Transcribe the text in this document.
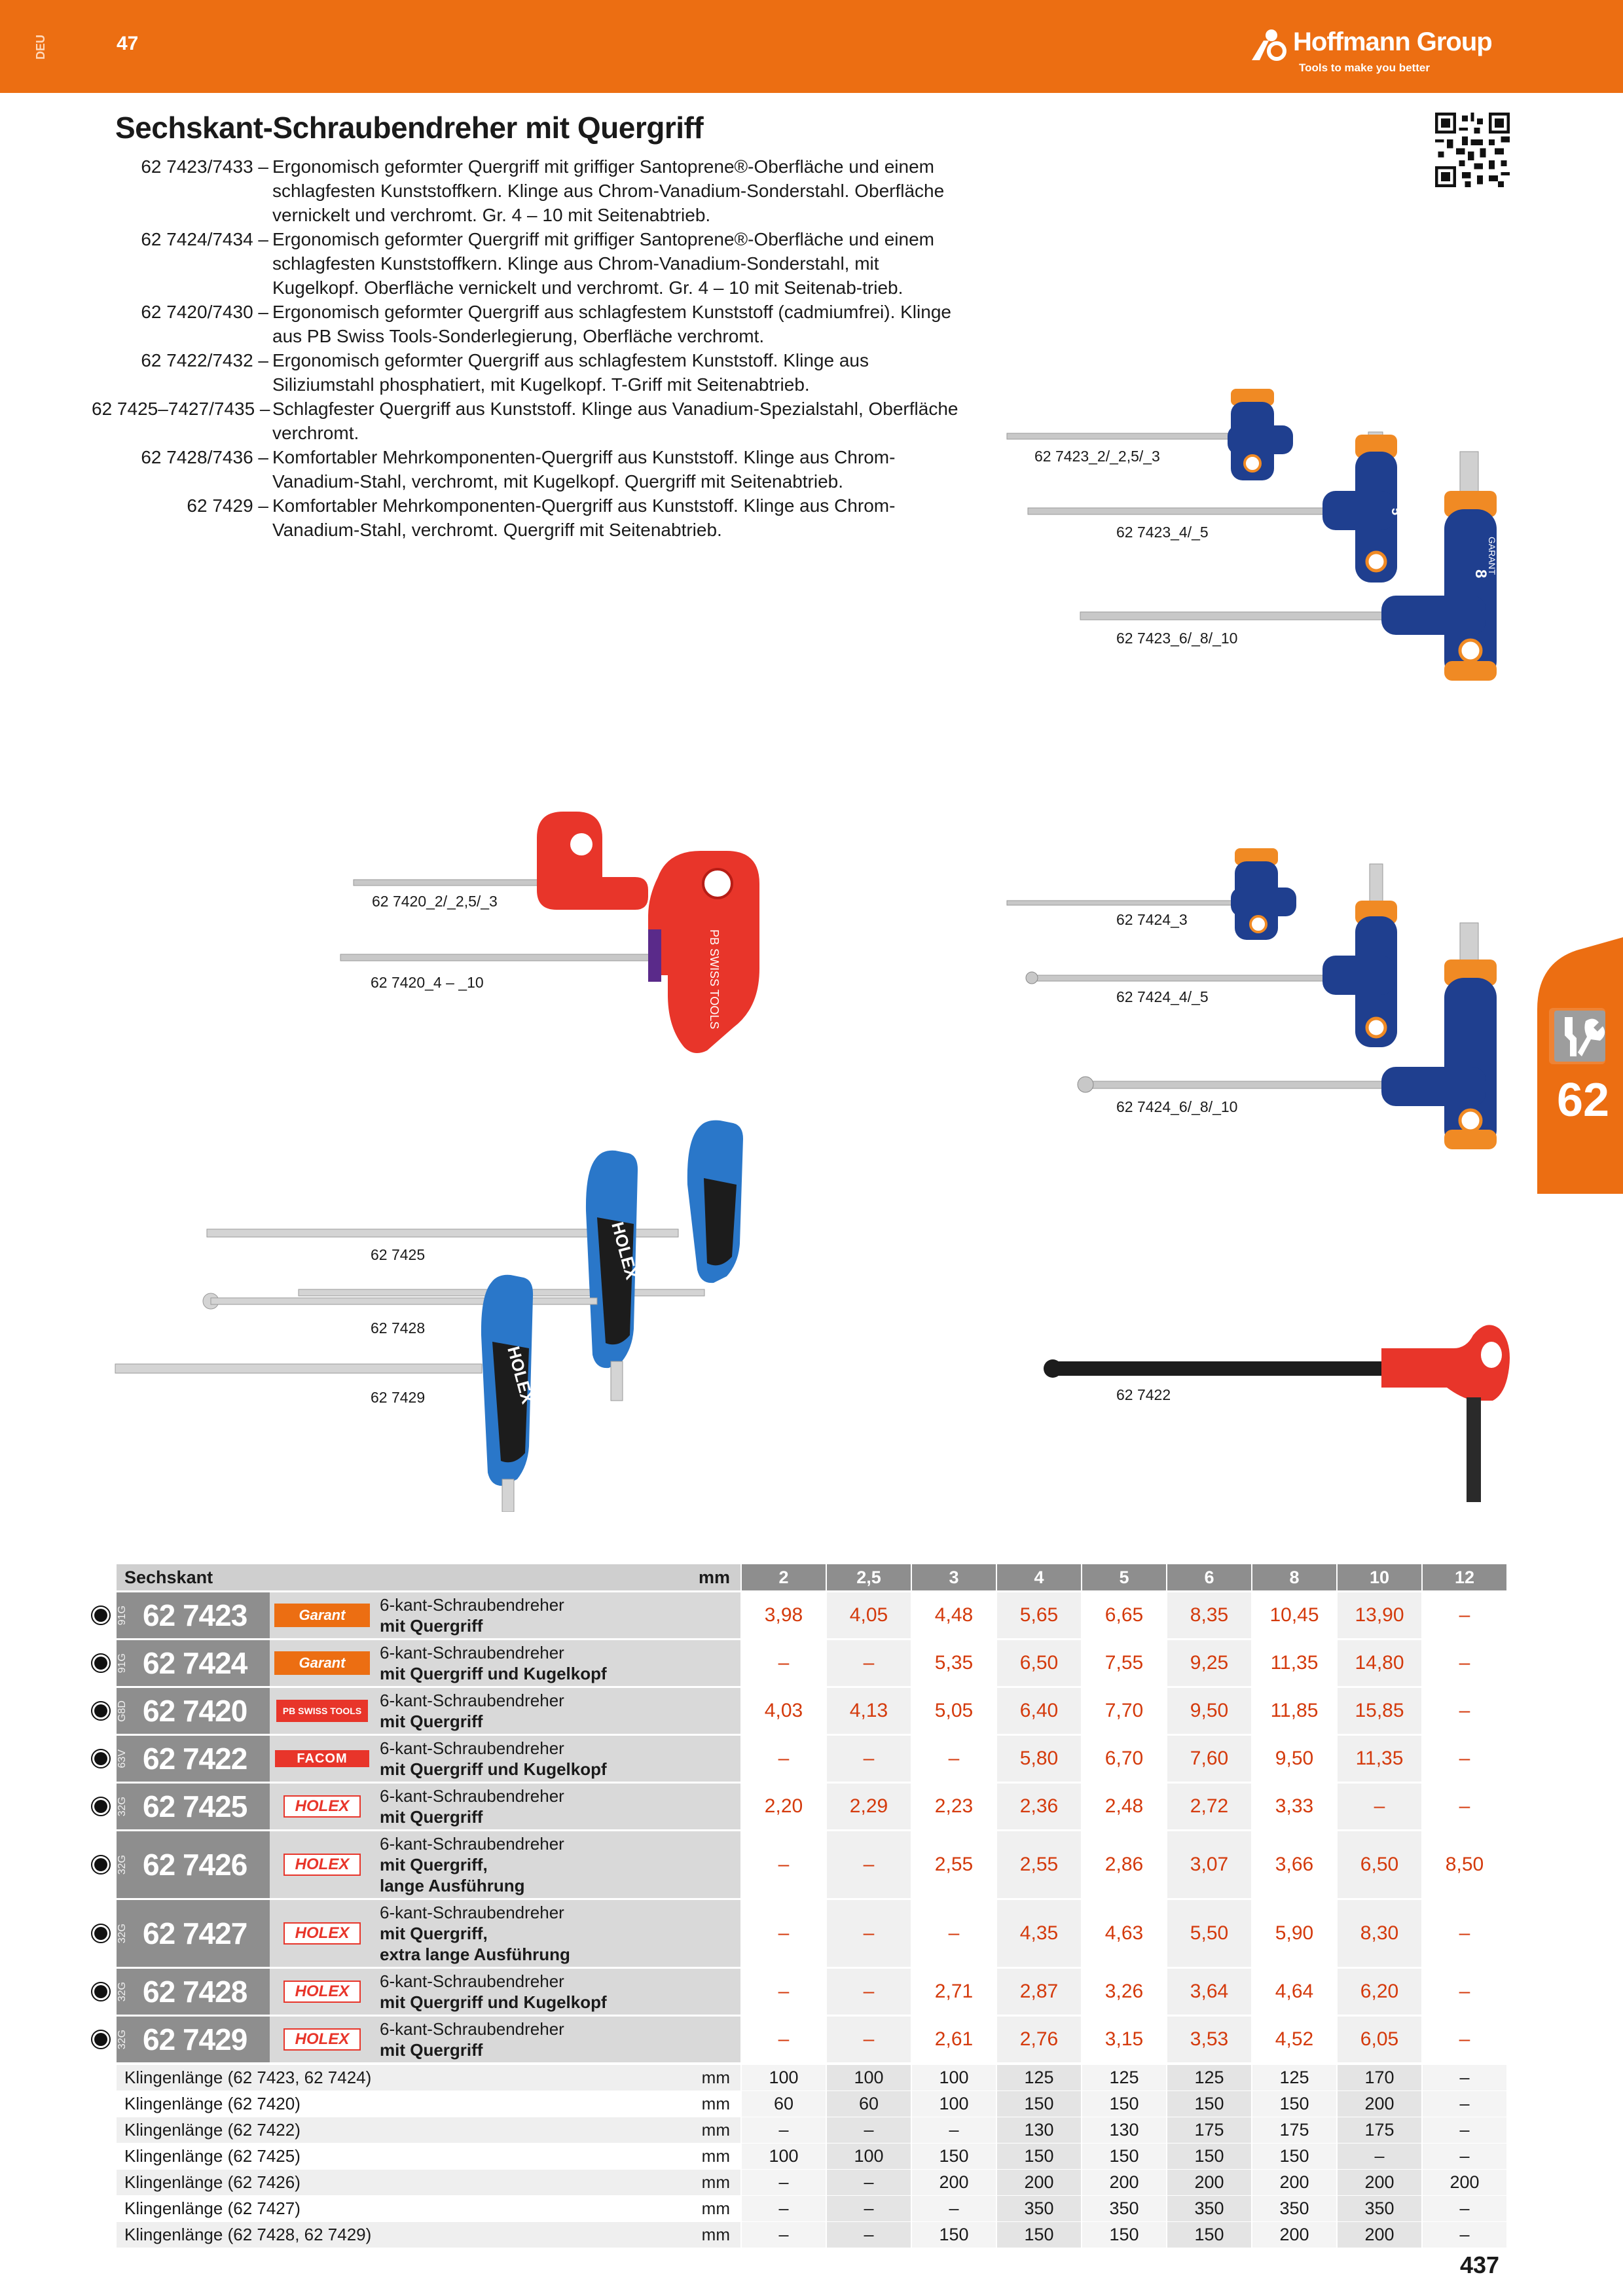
DEU	47	Hoffmann Group
Tools to make you better
Sechskant-Schraubendreher mit Quergriff
62 7423/7433 – Ergonomisch geformter Quergriff mit griffiger Santoprene®-Oberfläche und einem schlagfesten Kunststoffkern. Klinge aus Chrom-Vanadium-Sonderstahl. Oberfläche vernickelt und verchromt. Gr. 4 – 10 mit Seitenabtrieb.
62 7424/7434 – Ergonomisch geformter Quergriff mit griffiger Santoprene®-Oberfläche und einem schlagfesten Kunststoffkern. Klinge aus Chrom-Vanadium-Sonderstahl, mit Kugelkopf. Oberfläche vernickelt und verchromt. Gr. 4 – 10 mit Seitenab-trieb.
62 7420/7430 – Ergonomisch geformter Quergriff aus schlagfestem Kunststoff (cadmiumfrei). Klinge aus PB Swiss Tools-Sonderlegierung, Oberfläche verchromt.
62 7422/7432 – Ergonomisch geformter Quergriff aus schlagfestem Kunststoff. Klinge aus Siliziumstahl phosphatiert, mit Kugelkopf. T-Griff mit Seitenabtrieb.
62 7425–7427/7435 – Schlagfester Quergriff aus Kunststoff. Klinge aus Vanadium-Spezialstahl, Oberfläche verchromt.
62 7428/7436 – Komfortabler Mehrkomponenten-Quergriff aus Kunststoff. Klinge aus Chrom-Vanadium-Stahl, verchromt, mit Kugelkopf. Quergriff mit Seitenabtrieb.
62 7429 – Komfortabler Mehrkomponenten-Quergriff aus Kunststoff. Klinge aus Chrom-Vanadium-Stahl, verchromt. Quergriff mit Seitenabtrieb.
5
8
GARANT
62 7423_2/_2,5/_3
62 7423_4/_5
62 7423_6/_8/_10
PB SWISS TOOLS
62 7420_2/_2,5/_3
62 7420_4 – _10
62 7424_3
62 7424_4/_5
62 7424_6/_8/_10
HOLEX
HOLEX
62 7425
62 7428
62 7429	62 7422
62
Sechskant	mm	2	2,5	3	4	5	6	8	10	12
91G 62 7423	Garant
6-kant-Schraubendreher
mit Quergriff	3,98	4,05	4,48	5,65	6,65	8,35	10,45	13,90	–
91G 62 7424	Garant
6-kant-Schraubendreher
mit Quergriff und Kugelkopf	–	–	5,35	6,50	7,55	9,25	11,35	14,80	–
G8D 62 7420	PB SWISS TOOLS
6-kant-Schraubendreher
mit Quergriff	4,03	4,13	5,05	6,40	7,70	9,50	11,85	15,85	–
63V 62 7422	FACOM
6-kant-Schraubendreher
mit Quergriff und Kugelkopf	–	–	–	5,80	6,70	7,60	9,50	11,35	–
32G 62 7425	HOLEX
6-kant-Schraubendreher
mit Quergriff	2,20	2,29	2,23	2,36	2,48	2,72	3,33	–	–
32G 62 7426	HOLEX
6-kant-Schraubendreher
mit Quergriff,
lange Ausführung
–	–	2,55	2,55	2,86	3,07	3,66	6,50	8,50
32G 62 7427	HOLEX
6-kant-Schraubendreher
mit Quergriff,
extra lange Ausführung
–	–	–	4,35	4,63	5,50	5,90	8,30	–
32G 62 7428	HOLEX
6-kant-Schraubendreher
mit Quergriff und Kugelkopf	–	–	2,71	2,87	3,26	3,64	4,64	6,20	–
32G 62 7429	HOLEX
6-kant-Schraubendreher
mit Quergriff	–	–	2,61	2,76	3,15	3,53	4,52	6,05	–
Klingenlänge (62 7423, 62 7424)	mm	100	100	100	125	125	125	125	170	–
Klingenlänge (62 7420)	mm	60	60	100	150	150	150	150	200	–
Klingenlänge (62 7422)	mm	–	–	–	130	130	175	175	175	–
Klingenlänge (62 7425)	mm	100	100	150	150	150	150	150	–	–
Klingenlänge (62 7426)	mm	–	–	200	200	200	200	200	200	200
Klingenlänge (62 7427)	mm	–	–	–	350	350	350	350	350	–
Klingenlänge (62 7428, 62 7429)	mm	–	–	150	150	150	150	200	200	–
437
